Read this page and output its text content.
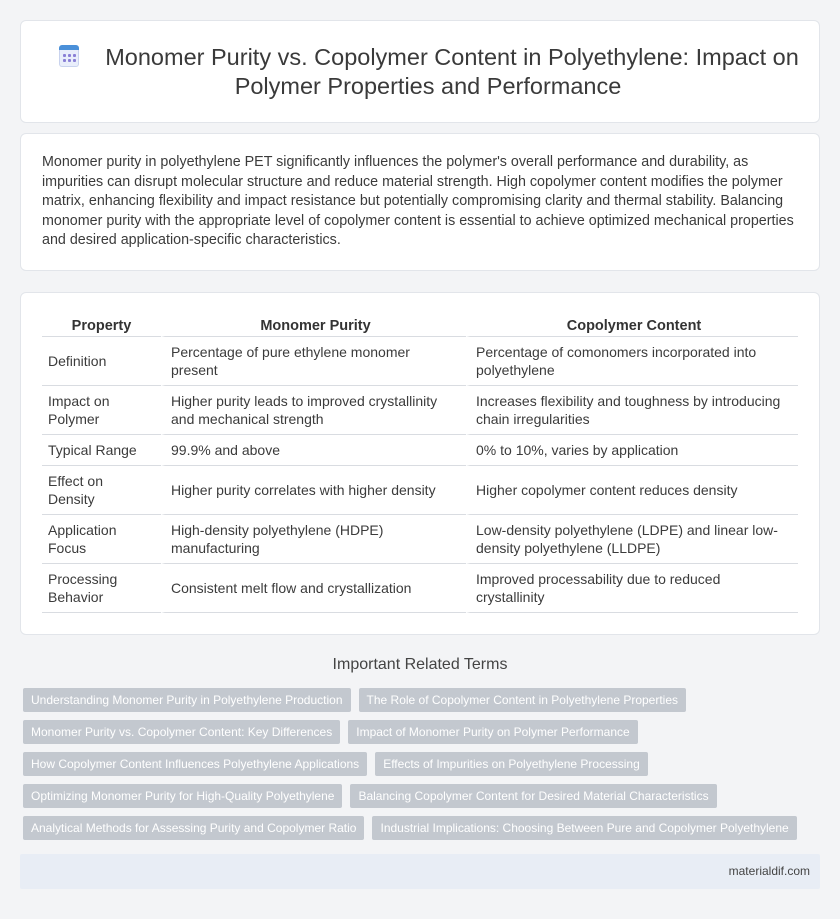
Monomer Purity vs. Copolymer Content in Polyethylene: Impact on Polymer Properties and Performance

Monomer purity in polyethylene PET significantly influences the polymer's overall performance and durability, as impurities can disrupt molecular structure and reduce material strength. High copolymer content modifies the polymer matrix, enhancing flexibility and impact resistance but potentially compromising clarity and thermal stability. Balancing monomer purity with the appropriate level of copolymer content is essential to achieve optimized mechanical properties and desired application-specific characteristics.

Property	Monomer Purity	Copolymer Content
Definition	Percentage of pure ethylene monomer present	Percentage of comonomers incorporated into polyethylene
Impact on Polymer	Higher purity leads to improved crystallinity and mechanical strength	Increases flexibility and toughness by introducing chain irregularities
Typical Range	99.9% and above	0% to 10%, varies by application
Effect on Density	Higher purity correlates with higher density	Higher copolymer content reduces density
Application Focus	High-density polyethylene (HDPE) manufacturing	Low-density polyethylene (LDPE) and linear low-density polyethylene (LLDPE)
Processing Behavior	Consistent melt flow and crystallization	Improved processability due to reduced crystallinity
Important Related Terms
Understanding Monomer Purity in Polyethylene Production	The Role of Copolymer Content in Polyethylene Properties
Monomer Purity vs. Copolymer Content: Key Differences	Impact of Monomer Purity on Polymer Performance
How Copolymer Content Influences Polyethylene Applications	Effects of Impurities on Polyethylene Processing
Optimizing Monomer Purity for High-Quality Polyethylene	Balancing Copolymer Content for Desired Material Characteristics
Analytical Methods for Assessing Purity and Copolymer Ratio	Industrial Implications: Choosing Between Pure and Copolymer Polyethylene
materialdif.com
